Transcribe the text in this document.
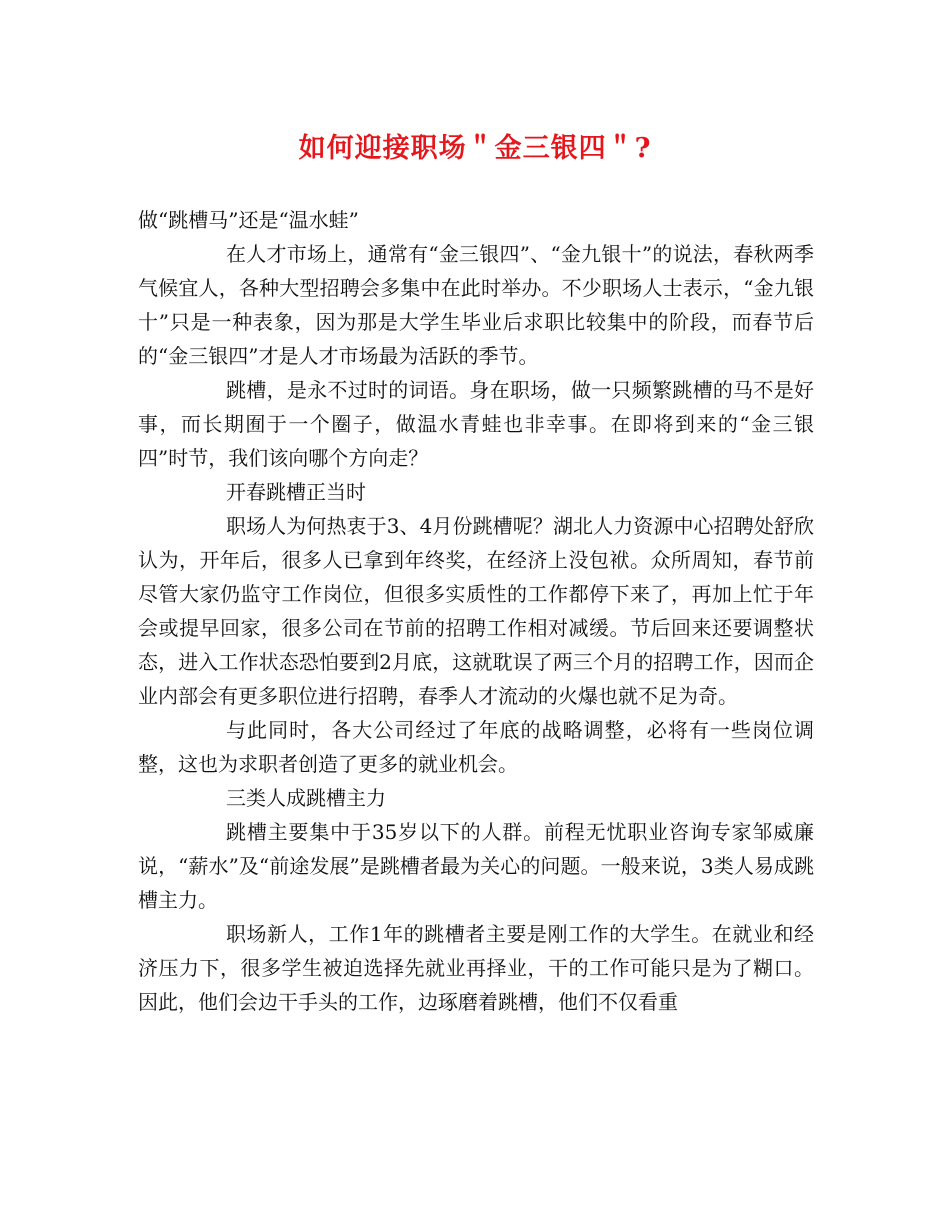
如何迎接职场＂金三银四＂?

做“跳槽马”还是“温水蛙”

在人才市场上，通常有“金三银四”、“金九银十”的说法，春秋两季气候宜人，各种大型招聘会多集中在此时举办。不少职场人士表示，“金九银十”只是一种表象，因为那是大学生毕业后求职比较集中的阶段，而春节后的“金三银四”才是人才市场最为活跃的季节。

跳槽，是永不过时的词语。身在职场，做一只频繁跳槽的马不是好事，而长期囿于一个圈子，做温水青蛙也非幸事。在即将到来的“金三银四”时节，我们该向哪个方向走？

开春跳槽正当时

职场人为何热衷于3、4月份跳槽呢？湖北人力资源中心招聘处舒欣认为，开年后，很多人已拿到年终奖，在经济上没包袱。众所周知，春节前尽管大家仍监守工作岗位，但很多实质性的工作都停下来了，再加上忙于年会或提早回家，很多公司在节前的招聘工作相对减缓。节后回来还要调整状态，进入工作状态恐怕要到2月底，这就耽误了两三个月的招聘工作，因而企业内部会有更多职位进行招聘，春季人才流动的火爆也就不足为奇。

与此同时，各大公司经过了年底的战略调整，必将有一些岗位调整，这也为求职者创造了更多的就业机会。

三类人成跳槽主力

跳槽主要集中于35岁以下的人群。前程无忧职业咨询专家邹威廉说，“薪水”及“前途发展”是跳槽者最为关心的问题。一般来说，3类人易成跳槽主力。

职场新人，工作1年的跳槽者主要是刚工作的大学生。在就业和经济压力下，很多学生被迫选择先就业再择业，干的工作可能只是为了糊口。因此，他们会边干手头的工作，边琢磨着跳槽，他们不仅看重
